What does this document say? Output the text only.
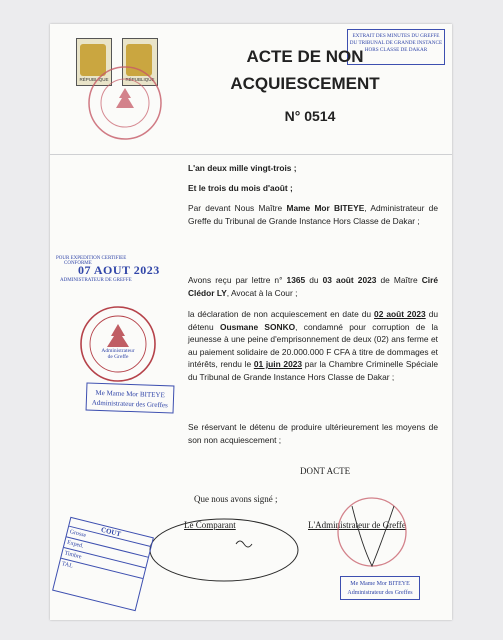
RÉPUBLIQUE	RÉPUBLIQUE
EXTRAIT DES MINUTES DU GREFFE
DU TRIBUNAL DE GRANDE INSTANCE
HORS CLASSE DE DAKAR
ACTE DE NON
ACQUIESCEMENT
N° 0514
L'an deux mille vingt-trois ;
Et le trois du mois d'août ;
Par devant Nous Maître Mame Mor BITEYE, Administrateur de Greffe du Tribunal de Grande Instance Hors Classe de Dakar ;
POUR EXPEDITION CERTIFIEE
CONFORME
07 AOUT 2023
ADMINISTRATEUR DE GREFFE	Avons reçu par lettre n° 1365 du 03 août 2023 de Maître Ciré Clédor LY, Avocat à la Cour ;
Administrateur
de Greffe
la déclaration de non acquiescement en date du 02 août 2023 du détenu Ousmane SONKO, condamné pour corruption de la jeunesse à une peine d'emprisonnement de deux (02) ans ferme et au paiement solidaire de 20.000.000 F CFA à titre de dommages et intérêts, rendu le 01 juin 2023 par la Chambre Criminelle Spéciale du Tribunal de Grande Instance Hors Classe de Dakar ;
Me Mame Mor BITEYE
Administrateur des Greffes
Se réservant le détenu de produire ultérieurement les moyens de son non acquiescement ;
DONT ACTE
Que nous avons signé ;
Le Comparant	L'Administrateur de Greffe
COUT
Grosse
Exped.
Timbre
TAL
Me Mame Mor BITEYE
Administrateur des Greffes
